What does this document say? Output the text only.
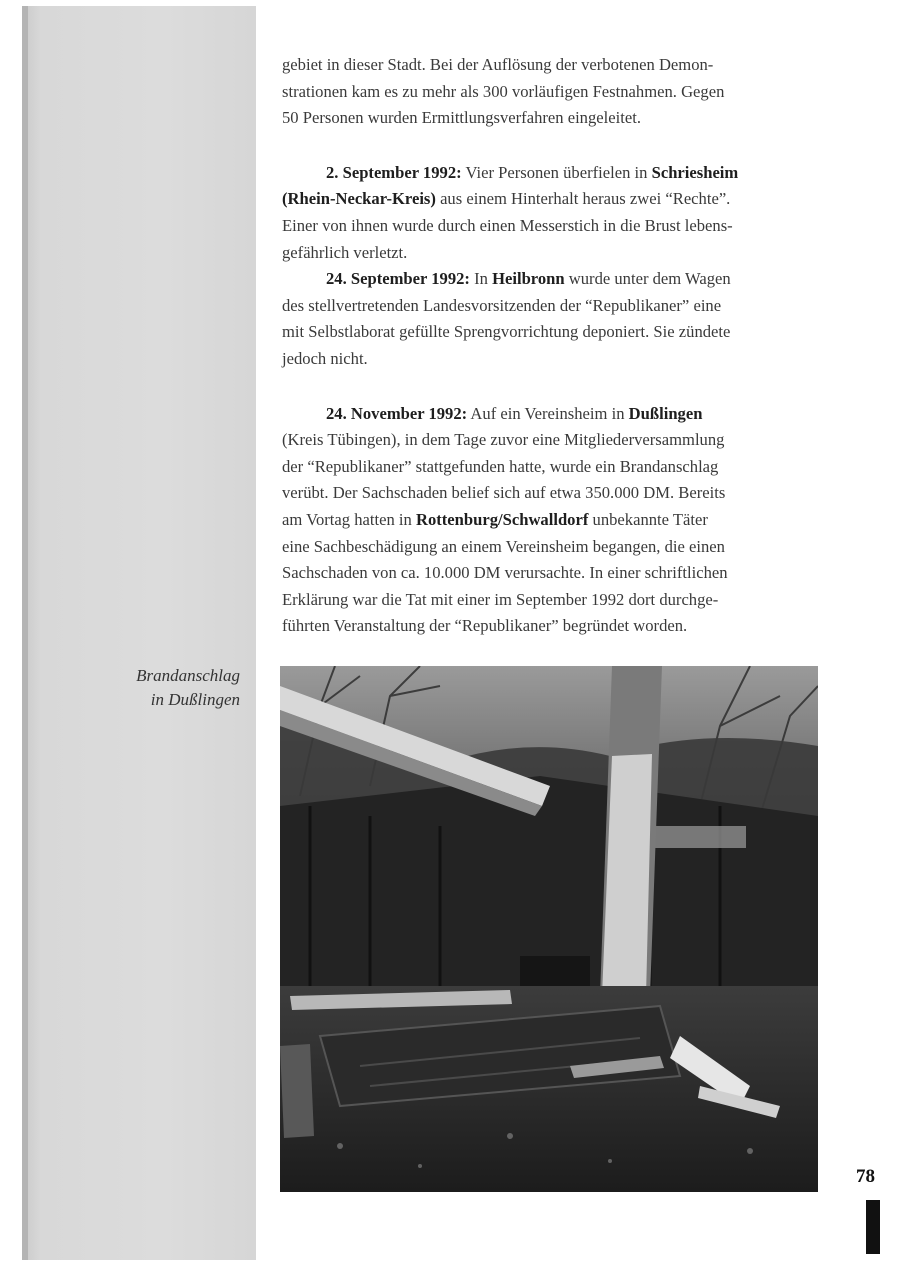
Brandanschlag
in Dußlingen

gebiet in dieser Stadt. Bei der Auflösung der verbotenen Demon-
strationen kam es zu mehr als 300 vorläufigen Festnahmen. Gegen
50 Personen wurden Ermittlungsverfahren eingeleitet.

2. September 1992: Vier Personen überfielen in Schriesheim
(Rhein-Neckar-Kreis) aus einem Hinterhalt heraus zwei “Rechte”.
Einer von ihnen wurde durch einen Messerstich in die Brust lebens-
gefährlich verletzt.

24. September 1992: In Heilbronn wurde unter dem Wagen
des stellvertretenden Landesvorsitzenden der “Republikaner” eine
mit Selbstlaborat gefüllte Sprengvorrichtung deponiert. Sie zündete
jedoch nicht.

24. November 1992: Auf ein Vereinsheim in Dußlingen
(Kreis Tübingen), in dem Tage zuvor eine Mitgliederversammlung
der “Republikaner” stattgefunden hatte, wurde ein Brandanschlag
verübt. Der Sachschaden belief sich auf etwa 350.000 DM. Bereits
am Vortag hatten in Rottenburg/Schwalldorf unbekannte Täter
eine Sachbeschädigung an einem Vereinsheim begangen, die einen
Sachschaden von ca. 10.000 DM verursachte. In einer schriftlichen
Erklärung war die Tat mit einer im September 1992 dort durchge-
führten Veranstaltung der “Republikaner” begründet worden.

78
